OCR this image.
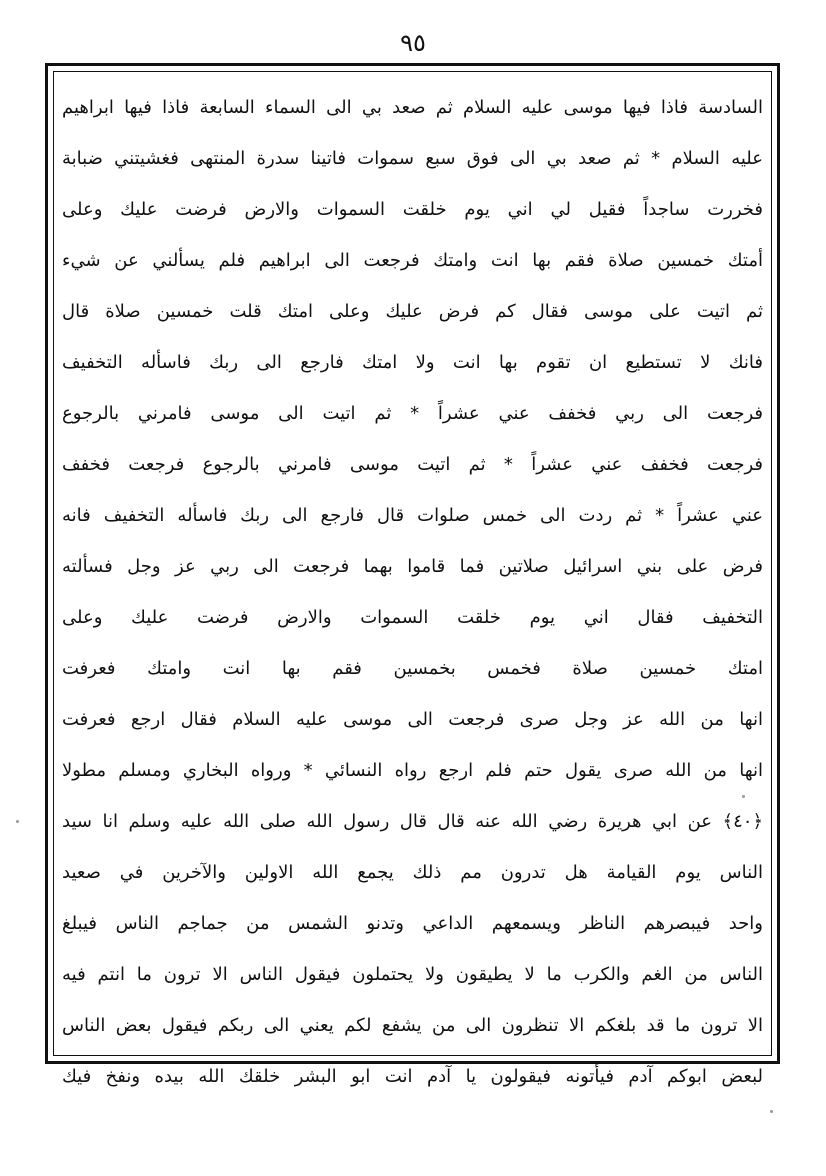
٩٥
السادسة فاذا فيها موسى عليه السلام ثم صعد بي الى السماء السابعة فاذا فيها ابراهيم
عليه السلام * ثم صعد بي الى فوق سبع سموات فاتينا سدرة المنتهى فغشيتني ضبابة
فخررت ساجداً فقيل لي اني يوم خلقت السموات والارض فرضت عليك وعلى
أمتك خمسين صلاة فقم بها انت وامتك فرجعت الى ابراهيم فلم يسألني عن شيء
ثم اتيت على موسى فقال كم فرض عليك وعلى امتك قلت خمسين صلاة قال
فانك لا تستطيع ان تقوم بها انت ولا امتك فارجع الى ربك فاسأله التخفيف
فرجعت الى ربي فخفف عني عشراً * ثم اتيت الى موسى فامرني بالرجوع
فرجعت فخفف عني عشراً * ثم اتيت موسى فامرني بالرجوع فرجعت فخفف
عني عشراً * ثم ردت الى خمس صلوات قال فارجع الى ربك فاسأله التخفيف فانه
فرض على بني اسرائيل صلاتين فما قاموا بهما فرجعت الى ربي عز وجل فسألته
التخفيف فقال اني يوم خلقت السموات والارض فرضت عليك وعلى
امتك خمسين صلاة فخمس بخمسين فقم بها انت وامتك فعرفت
انها من الله عز وجل صرى فرجعت الى موسى عليه السلام فقال ارجع فعرفت
انها من الله صرى يقول حتم فلم ارجع رواه النسائي * ورواه البخاري ومسلم مطولا
﴿٤٠﴾ عن ابي هريرة رضي الله عنه قال قال رسول الله صلى الله عليه وسلم انا سيد
الناس يوم القيامة هل تدرون مم ذلك يجمع الله الاولين والآخرين في صعيد
واحد فيبصرهم الناظر ويسمعهم الداعي وتدنو الشمس من جماجم الناس فيبلغ
الناس من الغم والكرب ما لا يطيقون ولا يحتملون فيقول الناس الا ترون ما انتم فيه
الا ترون ما قد بلغكم الا تنظرون الى من يشفع لكم يعني الى ربكم فيقول بعض الناس
لبعض ابوكم آدم فيأتونه فيقولون يا آدم انت ابو البشر خلقك الله بيده ونفخ فيك
